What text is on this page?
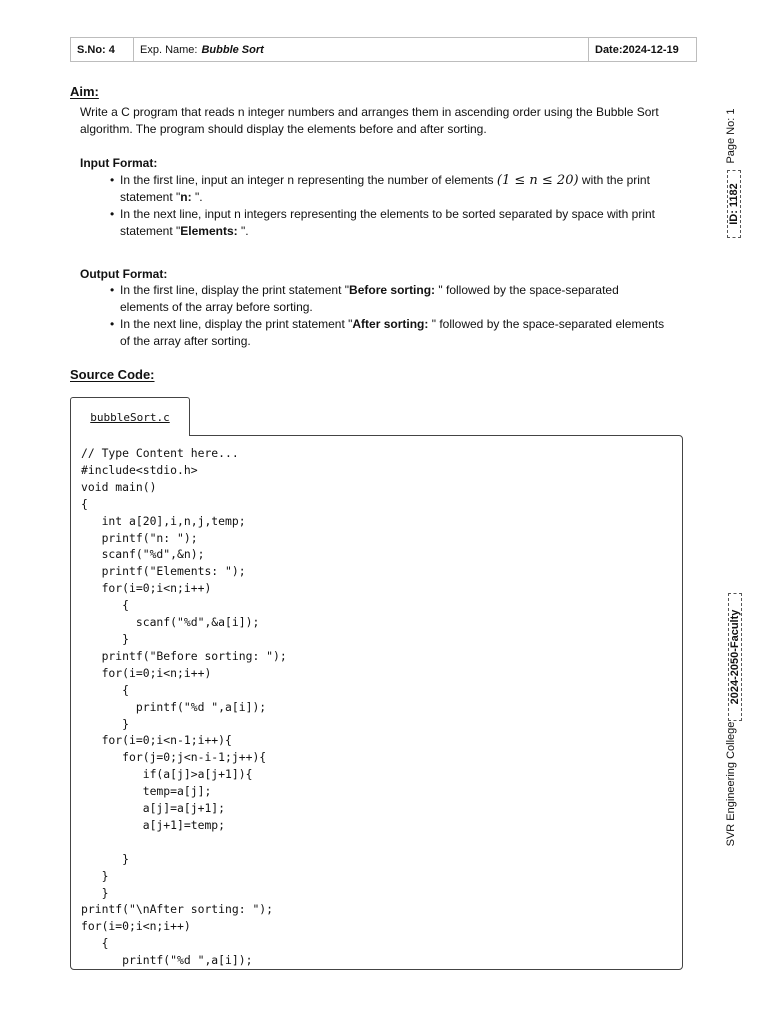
S.No: 4	Exp. Name: Bubble Sort	Date:2024-12-19
Aim:
Write a C program that reads n integer numbers and arranges them in ascending order using the Bubble Sort algorithm. The program should display the elements before and after sorting.
Input Format:
• In the first line, input an integer n representing the number of elements (1 ≤ n ≤ 20) with the print statement "n: ".
• In the next line, input n integers representing the elements to be sorted separated by space with print statement "Elements: ".
Output Format:
• In the first line, display the print statement "Before sorting: " followed by the space-separated elements of the array before sorting.
• In the next line, display the print statement "After sorting: " followed by the space-separated elements of the array after sorting.
Source Code:
bubbleSort.c
// Type Content here...
#include<stdio.h>
void main()
{
int a[20],i,n,j,temp;
printf("n: ");
scanf("%d",&n);
printf("Elements: ");
for(i=0;i<n;i++)
{
scanf("%d",&a[i]);
}
printf("Before sorting: ");
for(i=0;i<n;i++)
{
printf("%d ",a[i]);
}
for(i=0;i<n-1;i++){
for(j=0;j<n-i-1;j++){
if(a[j]>a[j+1]){
temp=a[j];
a[j]=a[j+1];
a[j+1]=temp;

}
}
}
printf("\nAfter sorting: ");
for(i=0;i<n;i++)
{
printf("%d ",a[i]);
Page No: 1
ID: 1182
2024-2050-Faculty
SVR Engineering College
